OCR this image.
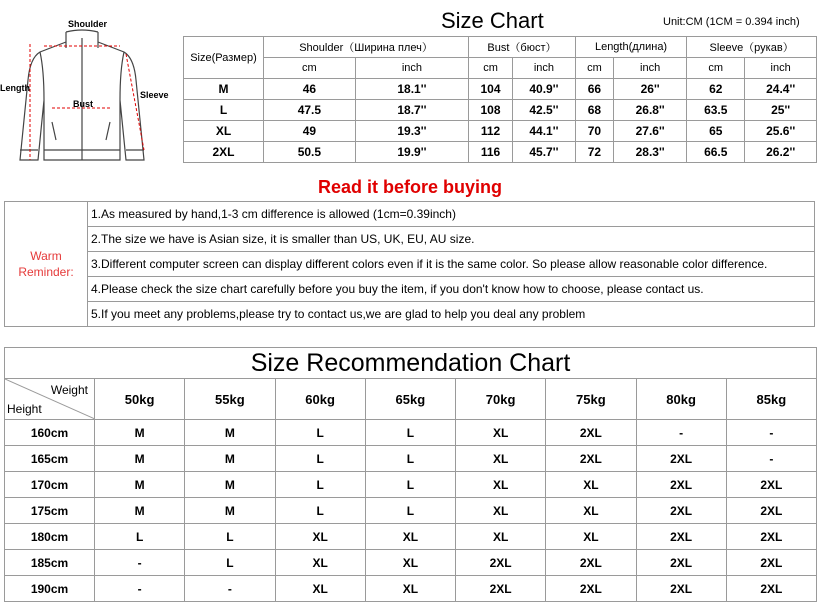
Shoulder
Length
Bust
Sleeve
Size Chart	Unit:CM (1CM = 0.394 inch)
Size(Размер)	Shoulder（Ширина плеч）		Bust（бюст）		Length(длина)		Sleeve（рукав）	
	cm	inch	cm	inch	cm	inch	cm	inch
M	46	18.1''	104	40.9''	66	26''	62	24.4''
L	47.5	18.7''	108	42.5''	68	26.8''	63.5	25''
XL	49	19.3''	112	44.1''	70	27.6''	65	25.6''
2XL	50.5	19.9''	116	45.7''	72	28.3''	66.5	26.2''
Read it before buying
Warm
Reminder:	1.As measured by hand,1-3 cm difference is allowed (1cm=0.39inch)
2.The size we have is Asian size, it is smaller than US, UK, EU, AU size.
3.Different computer screen can display different colors even if it is the same color. So please allow reasonable color difference.
4.Please check the size chart carefully before you buy the item, if you don't know how to choose, please contact us.
5.If you meet any problems,please try to contact us,we are glad to help you deal any problem
Size Recommendation Chart								

Weight
Height	50kg	55kg	60kg	65kg	70kg	75kg	80kg	85kg
160cm	M	M	L	L	XL	2XL	-	-
165cm	M	M	L	L	XL	2XL	2XL	-
170cm	M	M	L	L	XL	XL	2XL	2XL
175cm	M	M	L	L	XL	XL	2XL	2XL
180cm	L	L	XL	XL	XL	XL	2XL	2XL
185cm	-	L	XL	XL	2XL	2XL	2XL	2XL
190cm	-	-	XL	XL	2XL	2XL	2XL	2XL
